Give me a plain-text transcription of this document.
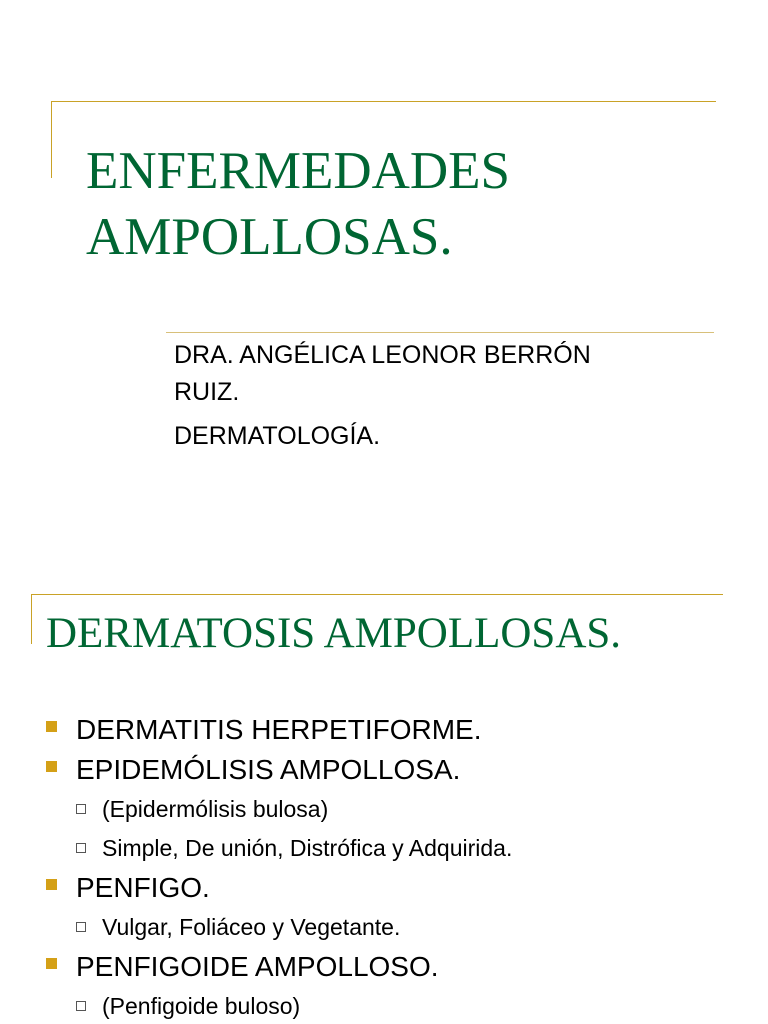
ENFERMEDADES
AMPOLLOSAS.
DRA. ANGÉLICA LEONOR BERRÓN
RUIZ.
DERMATOLOGÍA.
DERMATOSIS AMPOLLOSAS.
DERMATITIS HERPETIFORME.
EPIDEMÓLISIS AMPOLLOSA.
(Epidermólisis bulosa)
Simple, De unión, Distrófica y Adquirida.
PENFIGO.
Vulgar, Foliáceo y Vegetante.
PENFIGOIDE AMPOLLOSO.
(Penfigoide buloso)
